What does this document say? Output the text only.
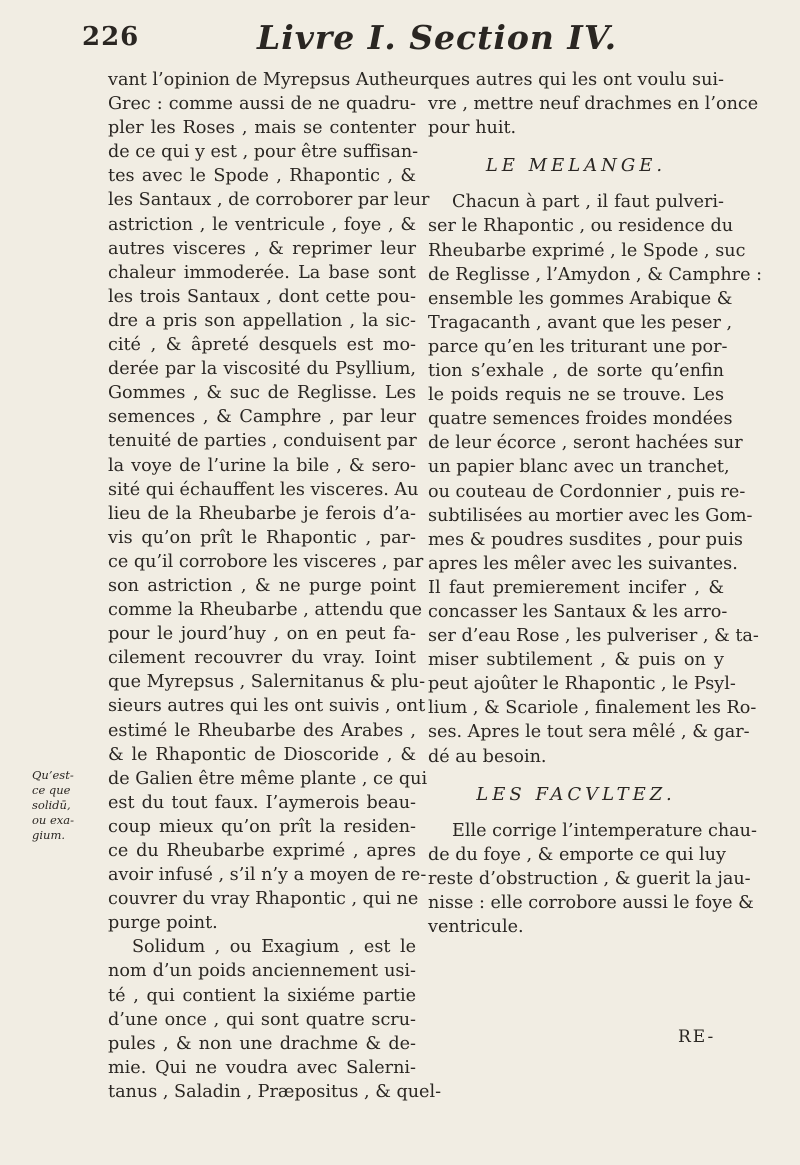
226	Livre I. Section IV.
vant l’opinion de Myrepsus Autheur
Grec : comme aussi de ne quadru-
pler les Roses , mais se contenter
de ce qui y est , pour être suffisan-
tes avec le Spode , Rhapontic , &
les Santaux , de corroborer par leur
astriction , le ventricule , foye , &
autres visceres , & reprimer leur
chaleur immoderée. La base sont
les trois Santaux , dont cette pou-
dre a pris son appellation , la sic-
cité , & âpreté desquels est mo-
derée par la viscosité du Psyllium,
Gommes , & suc de Reglisse. Les
semences , & Camphre , par leur
tenuité de parties , conduisent par
la voye de l’urine la bile , & sero-
sité qui échauffent les visceres. Au
lieu de la Rheubarbe je ferois d’a-
vis qu’on prît le Rhapontic , par-
ce qu’il corrobore les visceres , par
son astriction , & ne purge point
comme la Rheubarbe , attendu que
pour le jourd’huy , on en peut fa-
cilement recouvrer du vray. Ioint
que Myrepsus , Salernitanus & plu-
sieurs autres qui les ont suivis , ont
estimé le Rheubarbe des Arabes ,
& le Rhapontic de Dioscoride , &
de Galien être même plante , ce qui
est du tout faux. I’aymerois beau-
coup mieux qu’on prît la residen-
ce du Rheubarbe exprimé , apres
avoir infusé , s’il n’y a moyen de re-
couvrer du vray Rhapontic , qui ne
purge point.
Solidum , ou Exagium , est le
nom d’un poids anciennement usi-
té , qui contient la sixiéme partie
d’une once , qui sont quatre scru-
pules , & non une drachme & de-
mie. Qui ne voudra avec Salerni-
tanus , Saladin , Præpositus , & quel-
ques autres qui les ont voulu sui-
vre , mettre neuf drachmes en l’once
pour huit.
LE MELANGE.
Chacun à part , il faut pulveri-
ser le Rhapontic , ou residence du
Rheubarbe exprimé , le Spode , suc
de Reglisse , l’Amydon , & Camphre :
ensemble les gommes Arabique &
Tragacanth , avant que les peser ,
parce qu’en les triturant une por-
tion s’exhale , de sorte qu’enfin
le poids requis ne se trouve. Les
quatre semences froides mondées
de leur écorce , seront hachées sur
un papier blanc avec un tranchet,
ou couteau de Cordonnier , puis re-
subtilisées au mortier avec les Gom-
mes & poudres susdites , pour puis
apres les mêler avec les suivantes.
Il faut premierement incifer , &
concasser les Santaux & les arro-
ser d’eau Rose , les pulveriser , & ta-
miser subtilement , & puis on y
peut ajoûter le Rhapontic , le Psyl-
lium , & Scariole , finalement les Ro-
ses. Apres le tout sera mêlé , & gar-
dé au besoin.
LES FACVLTEZ.
Elle corrige l’intemperature chau-
de du foye , & emporte ce qui luy
reste d’obstruction , & guerit la jau-
nisse : elle corrobore aussi le foye &
ventricule.
Qu’est-
ce que
solidū,
ou exa-
gium.
RE-
